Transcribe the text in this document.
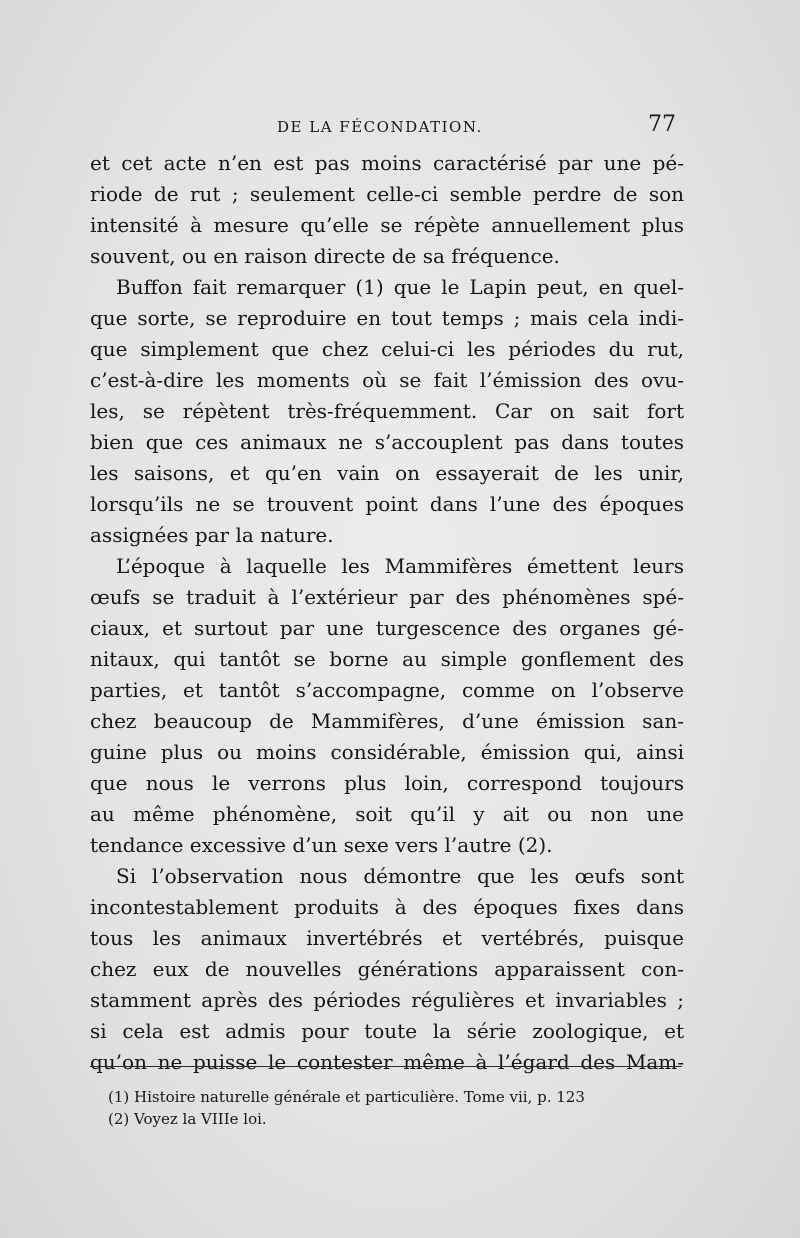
DE LA FÉCONDATION.	77
et cet acte n’en est pas moins caractérisé par une pé-
riode de rut ; seulement celle-ci semble perdre de son
intensité à mesure qu’elle se répète annuellement plus
souvent, ou en raison directe de sa fréquence.
Buffon fait remarquer (1) que le Lapin peut, en quel-
que sorte, se reproduire en tout temps ; mais cela indi-
que simplement que chez celui-ci les périodes du rut,
c’est-à-dire les moments où se fait l’émission des ovu-
les, se répètent très-fréquemment. Car on sait fort
bien que ces animaux ne s’accouplent pas dans toutes
les saisons, et qu’en vain on essayerait de les unir,
lorsqu’ils ne se trouvent point dans l’une des époques
assignées par la nature.
L’époque à laquelle les Mammifères émettent leurs
œufs se traduit à l’extérieur par des phénomènes spé-
ciaux, et surtout par une turgescence des organes gé-
nitaux, qui tantôt se borne au simple gonflement des
parties, et tantôt s’accompagne, comme on l’observe
chez beaucoup de Mammifères, d’une émission san-
guine plus ou moins considérable, émission qui, ainsi
que nous le verrons plus loin, correspond toujours
au même phénomène, soit qu’il y ait ou non une
tendance excessive d’un sexe vers l’autre (2).
Si l’observation nous démontre que les œufs sont
incontestablement produits à des époques fixes dans
tous les animaux invertébrés et vertébrés, puisque
chez eux de nouvelles générations apparaissent con-
stamment après des périodes régulières et invariables ;
si cela est admis pour toute la série zoologique, et
qu’on ne puisse le contester même à l’égard des Mam-
(1) Histoire naturelle générale et particulière. Tome vii, p. 123
(2) Voyez la VIIIe loi.
